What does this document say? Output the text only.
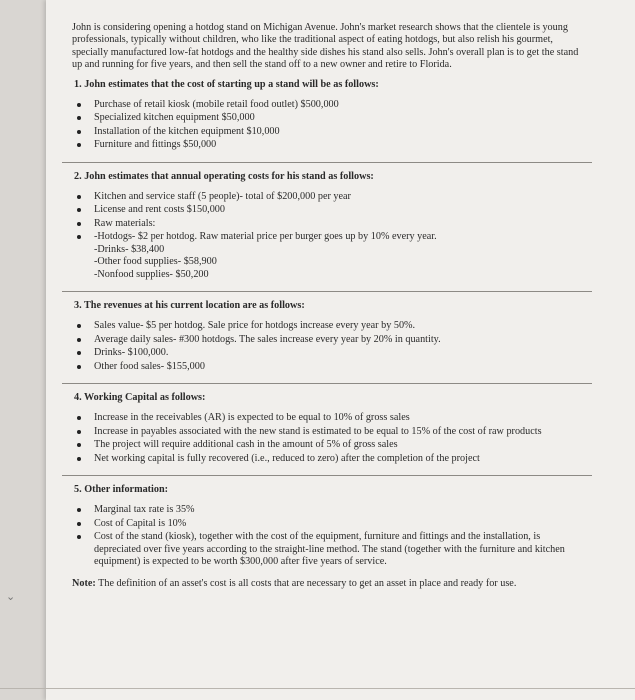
John is considering opening a hotdog stand on Michigan Avenue. John's market research shows that the clientele is young professionals, typically without children, who like the traditional aspect of eating hotdogs, but also relish his gourmet, specially manufactured low-fat hotdogs and the healthy side dishes his stand also sells. John's overall plan is to get the stand up and running for five years, and then sell the stand off to a new owner and retire to Florida.

1. John estimates that the cost of starting up a stand will be as follows:
Purchase of retail kiosk (mobile retail food outlet) $500,000
Specialized kitchen equipment $50,000
Installation of the kitchen equipment $10,000
Furniture and fittings $50,000
2. John estimates that annual operating costs for his stand as follows:
Kitchen and service staff (5 people)- total of $200,000 per year
License and rent costs $150,000
Raw materials:
-Hotdogs- $2 per hotdog. Raw material price per burger goes up by 10% every year.
-Drinks- $38,400
-Other food supplies- $58,900
-Nonfood supplies- $50,200
3. The revenues at his current location are as follows:
Sales value- $5 per hotdog. Sale price for hotdogs increase every year by 50%.
Average daily sales- #300 hotdogs. The sales increase every year by 20% in quantity.
Drinks- $100,000.
Other food sales- $155,000
4. Working Capital as follows:
Increase in the receivables (AR) is expected to be equal to 10% of gross sales
Increase in payables associated with the new stand is estimated to be equal to 15% of the cost of raw products
The project will require additional cash in the amount of 5% of gross sales
Net working capital is fully recovered (i.e., reduced to zero) after the completion of the project
5. Other information:
Marginal tax rate is 35%
Cost of Capital is 10%
Cost of the stand (kiosk), together with the cost of the equipment, furniture and fittings and the installation, is depreciated over five years according to the straight-line method. The stand (together with the furniture and kitchen equipment) is expected to be worth $300,000 after five years of service.

Note: The definition of an asset's cost is all costs that are necessary to get an asset in place and ready for use.

⌄
